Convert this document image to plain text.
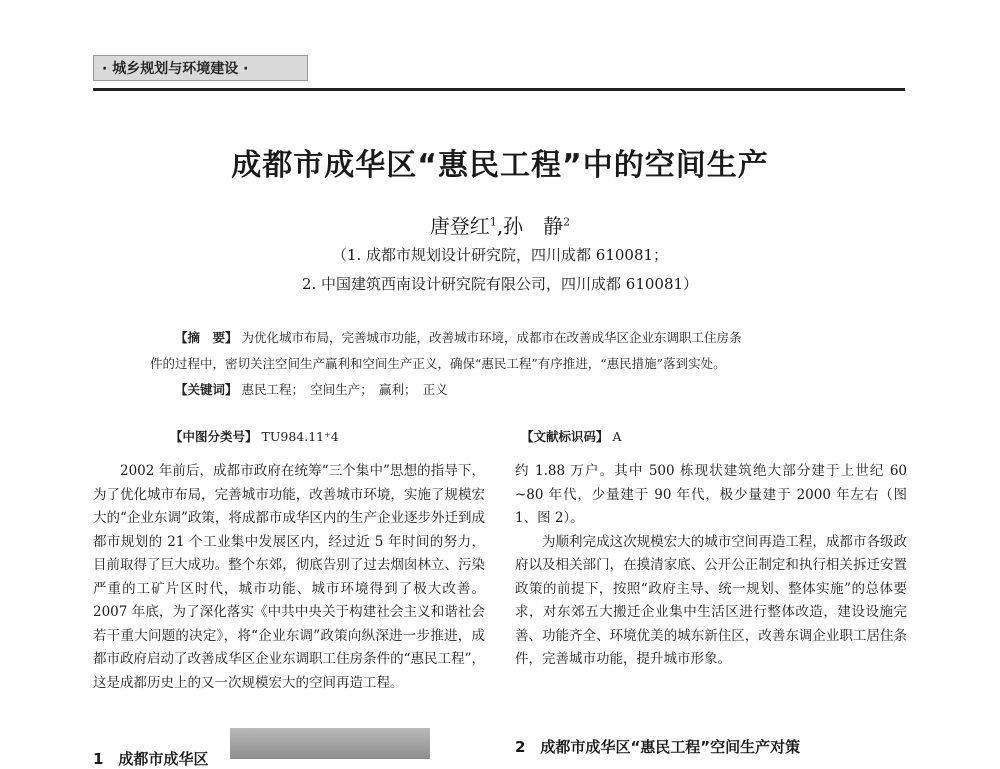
· 城乡规划与环境建设 ·
成都市成华区“惠民工程”中的空间生产
唐登红$^1$,孙　静$^2$
（1. 成都市规划设计研究院，四川成都 610081；
2. 中国建筑西南设计研究院有限公司，四川成都 610081）
【摘　要】 为优化城市布局，完善城市功能，改善城市环境，成都市在改善成华区企业东调职工住房条
件的过程中，密切关注空间生产赢利和空间生产正义，确保“惠民工程”有序推进，“惠民措施”落到实处。
【关键词】 惠民工程；　空间生产；　赢利；　正义
【中图分类号】 TU984.11⁺4	【文献标识码】 A

2002 年前后，成都市政府在统筹“三个集中”思想的指导下，为了优化城市布局，完善城市功能，改善城市环境，实施了规模宏大的“企业东调”政策，将成都市成华区内的生产企业逐步外迁到成都市规划的 21 个工业集中发展区内，经过近 5 年时间的努力，目前取得了巨大成功。整个东郊，彻底告别了过去烟囱林立、污染严重的工矿片区时代，城市功能、城市环境得到了极大改善。2007 年底，为了深化落实《中共中央关于构建社会主义和谐社会若干重大问题的决定》，将“企业东调”政策向纵深进一步推进，成都市政府启动了改善成华区企业东调职工住房条件的“惠民工程”，这是成都历史上的又一次规模宏大的空间再造工程。

1　成都市成华区

约 1.88 万户。其中 500 栋现状建筑绝大部分建于上世纪 60 ~80 年代，少量建于 90 年代，极少量建于 2000 年左右（图 1、图 2）。

为顺利完成这次规模宏大的城市空间再造工程，成都市各级政府以及相关部门，在摸清家底、公开公正制定和执行相关拆迁安置政策的前提下，按照“政府主导、统一规划、整体实施”的总体要求，对东郊五大搬迁企业集中生活区进行整体改造，建设设施完善、功能齐全、环境优美的城东新住区，改善东调企业职工居住条件，完善城市功能，提升城市形象。

2　成都市成华区“惠民工程”空间生产对策
